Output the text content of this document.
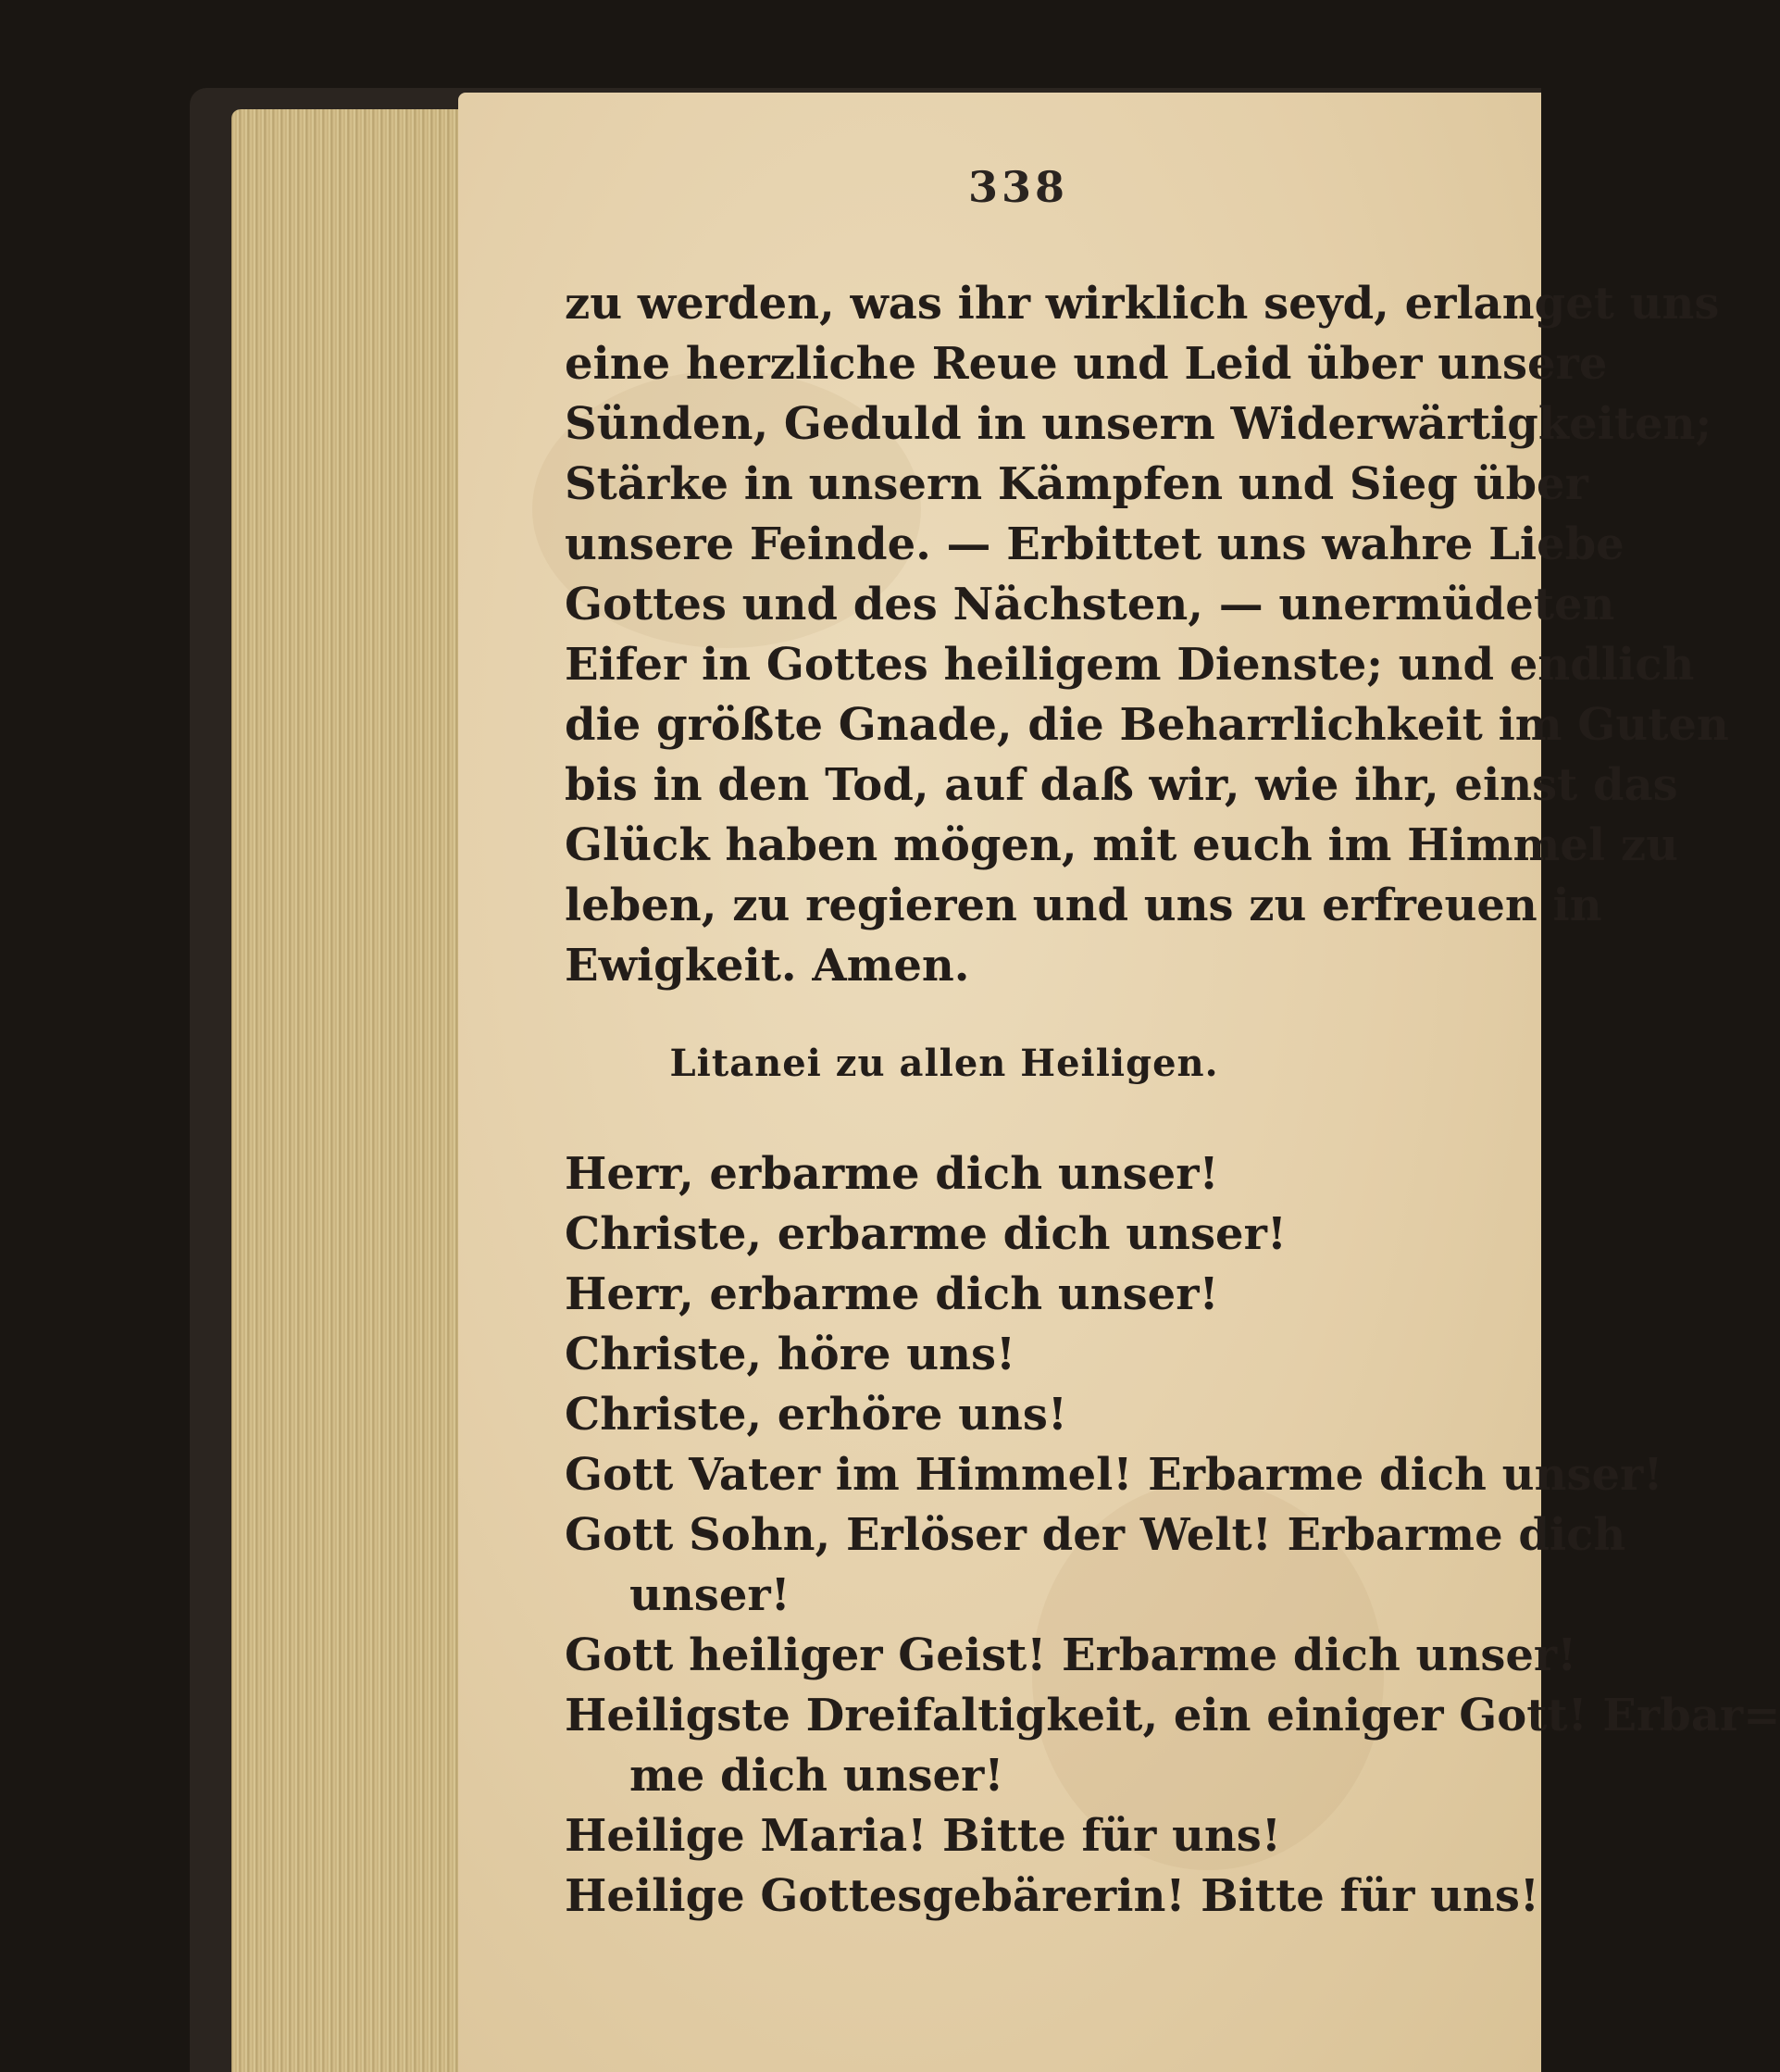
338
zu werden, was ihr wirklich seyd, erlanget uns
eine herzliche Reue und Leid über unsere
Sünden, Geduld in unsern Widerwärtigkeiten;
Stärke in unsern Kämpfen und Sieg über
unsere Feinde. — Erbittet uns wahre Liebe
Gottes und des Nächsten, — unermüdeten
Eifer in Gottes heiligem Dienste; und endlich
die größte Gnade, die Beharrlichkeit im Guten
bis in den Tod, auf daß wir, wie ihr, einst das
Glück haben mögen, mit euch im Himmel zu
leben, zu regieren und uns zu erfreuen in
Ewigkeit. Amen.
Litanei zu allen Heiligen.
Herr, erbarme dich unser!
Christe, erbarme dich unser!
Herr, erbarme dich unser!
Christe, höre uns!
Christe, erhöre uns!
Gott Vater im Himmel! Erbarme dich unser!
Gott Sohn, Erlöser der Welt! Erbarme dich
unser!
Gott heiliger Geist! Erbarme dich unser!
Heiligste Dreifaltigkeit, ein einiger Gott! Erbar=
me dich unser!
Heilige Maria! Bitte für uns!
Heilige Gottesgebärerin! Bitte für uns!
